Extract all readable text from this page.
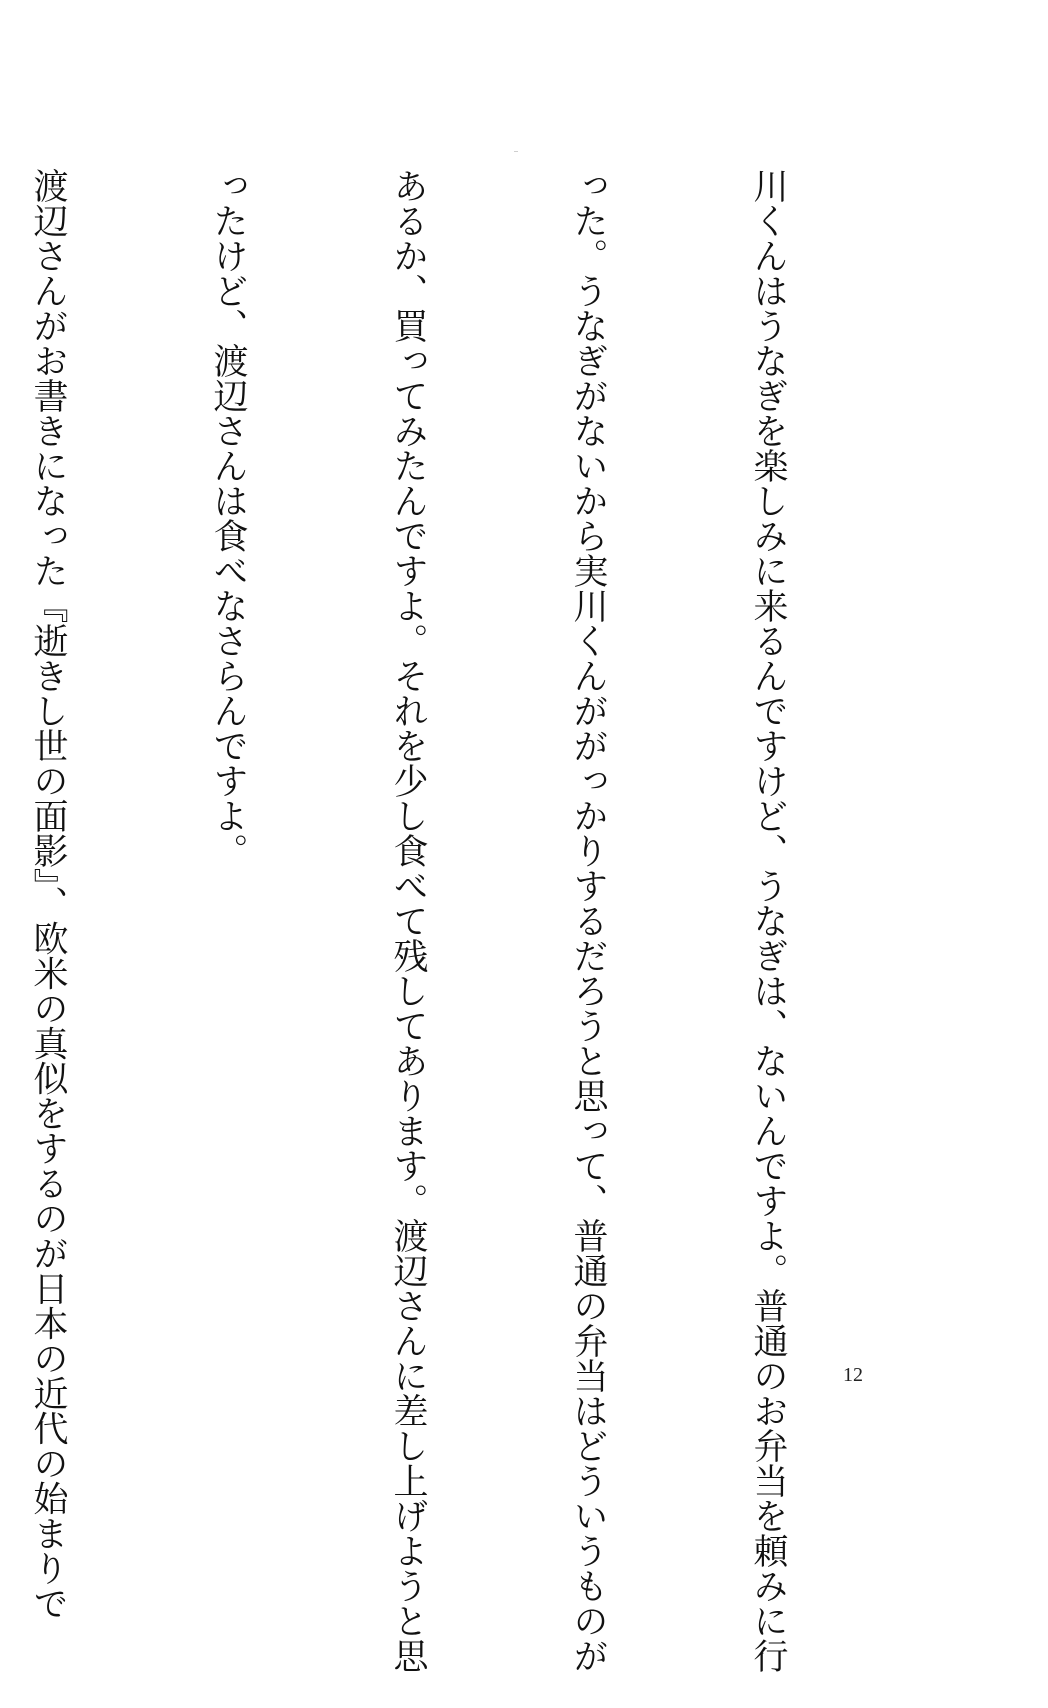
川くんはうなぎを楽しみに来るんですけど、うなぎは、ないんですよ。普通のお弁当を頼みに行

った。うなぎがないから実川くんががっかりするだろうと思って、普通の弁当はどういうものが

あるか、買ってみたんですよ。それを少し食べて残してあります。渡辺さんに差し上げようと思

ったけど、渡辺さんは食べなさらんですよ。

渡辺さんがお書きになった『逝きし世の面影』、欧米の真似をするのが日本の近代の始まりで

	12
